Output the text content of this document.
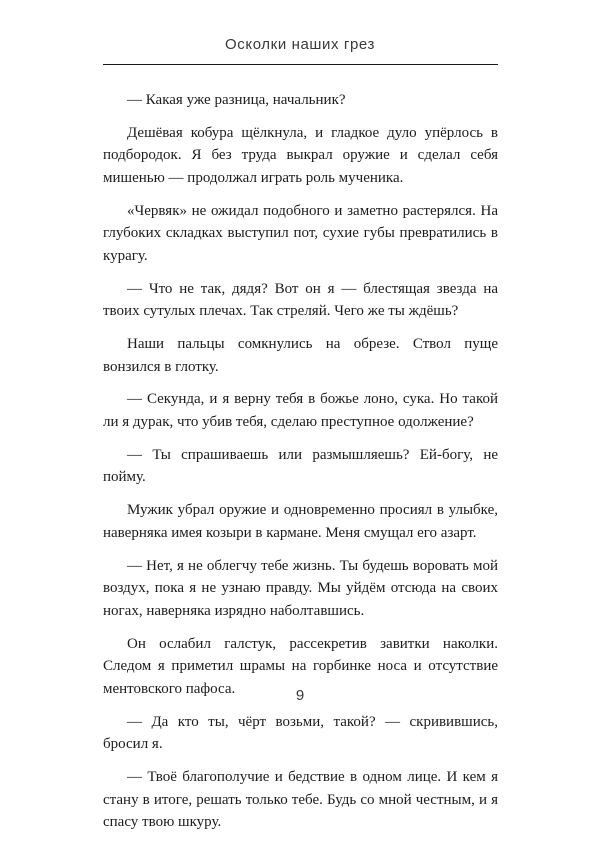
Осколки наших грез

— Какая уже разница, начальник?

Дешёвая кобура щёлкнула, и гладкое дуло упёрлось в подбородок. Я без труда выкрал оружие и сделал себя мишенью — продолжал играть роль мученика.

«Червяк» не ожидал подобного и заметно растерялся. На глубоких складках выступил пот, сухие губы превратились в курагу.

— Что не так, дядя? Вот он я — блестящая звезда на твоих сутулых плечах. Так стреляй. Чего же ты ждёшь?

Наши пальцы сомкнулись на обрезе. Ствол пуще вонзился в глотку.

— Секунда, и я верну тебя в божье лоно, сука. Но такой ли я дурак, что убив тебя, сделаю преступное одолжение?

— Ты спрашиваешь или размышляешь? Ей-богу, не пойму.

Мужик убрал оружие и одновременно просиял в улыбке, наверняка имея козыри в кармане. Меня смущал его азарт.

— Нет, я не облегчу тебе жизнь. Ты будешь воровать мой воздух, пока я не узнаю правду. Мы уйдём отсюда на своих ногах, наверняка изрядно наболтавшись.

Он ослабил галстук, рассекретив завитки наколки. Следом я приметил шрамы на горбинке носа и отсутствие ментовского пафоса.

— Да кто ты, чёрт возьми, такой? — скривившись, бросил я.

— Твоё благополучие и бедствие в одном лице. И кем я стану в итоге, решать только тебе. Будь со мной честным, и я спасу твою шкуру.

9
